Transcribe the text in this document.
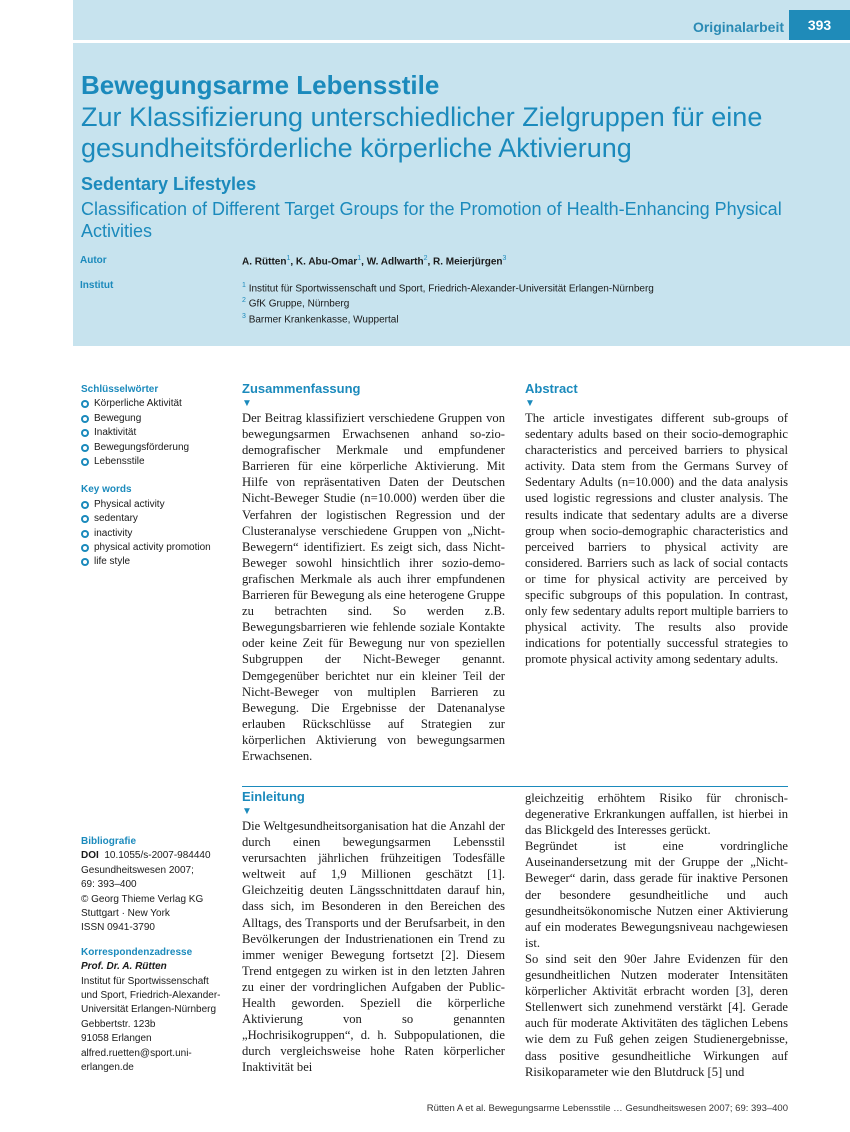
Originalarbeit	393
Bewegungsarme Lebensstile
Zur Klassifizierung unterschiedlicher Zielgruppen für eine gesundheitsförderliche körperliche Aktivierung
Sedentary Lifestyles
Classification of Different Target Groups for the Promotion of Health-Enhancing Physical Activities
Autor	A. Rütten$^1$, K. Abu-Omar$^1$, W. Adlwarth$^2$, R. Meierjürgen$^3$
Institut	$^1$ Institut für Sportwissenschaft und Sport, Friedrich-Alexander-Universität Erlangen-Nürnberg
$^2$ GfK Gruppe, Nürnberg
$^3$ Barmer Krankenkasse, Wuppertal
Schlüsselwörter
Körperliche Aktivität
Bewegung
Inaktivität
Bewegungsförderung
Lebensstile
Key words
Physical activity
sedentary
inactivity
physical activity promotion
life style
Bibliografie
DOI 10.1055/s-2007-984440
Gesundheitswesen 2007;
69: 393–400
© Georg Thieme Verlag KG
Stuttgart · New York
ISSN 0941-3790
Korrespondenzadresse
Prof. Dr. A. Rütten
Institut für Sportwissenschaft
und Sport, Friedrich-Alexander-
Universität Erlangen-Nürnberg
Gebbertstr. 123b
91058 Erlangen
alfred.ruetten@sport.uni-
erlangen.de
Zusammenfassung
▼
Der Beitrag klassifiziert verschiedene Gruppen von bewegungsarmen Erwachsenen anhand so-zio-demografischer Merkmale und empfundener Barrieren für eine körperliche Aktivierung. Mit Hilfe von repräsentativen Daten der Deutschen Nicht-Beweger Studie (n=10.000) werden über die Verfahren der logistischen Regression und der Clusteranalyse verschiedene Gruppen von „Nicht-Bewegern“ identifiziert. Es zeigt sich, dass Nicht-Beweger sowohl hinsichtlich ihrer sozio-demo-grafischen Merkmale als auch ihrer empfundenen Barrieren für Bewegung als eine heterogene Gruppe zu betrachten sind. So werden z.B. Bewegungsbarrieren wie fehlende soziale Kontakte oder keine Zeit für Bewegung nur von speziellen Subgruppen der Nicht-Beweger genannt. Demgegenüber berichtet nur ein kleiner Teil der Nicht-Beweger von multiplen Barrieren zu Bewegung. Die Ergebnisse der Datenanalyse erlauben Rückschlüsse auf Strategien zur körperlichen Aktivierung von bewegungsarmen Erwachsenen.
Abstract
▼
The article investigates different sub-groups of sedentary adults based on their socio-demographic characteristics and perceived barriers to physical activity. Data stem from the Germans Survey of Sedentary Adults (n=10.000) and the data analysis used logistic regressions and cluster analysis. The results indicate that sedentary adults are a diverse group when socio-demographic characteristics and perceived barriers to physical activity are considered. Barriers such as lack of social contacts or time for physical activity are perceived by specific subgroups of this population. In contrast, only few sedentary adults report multiple barriers to physical activity. The results also provide indications for potentially successful strategies to promote physical activity among sedentary adults.
Einleitung
▼
Die Weltgesundheitsorganisation hat die Anzahl der durch einen bewegungsarmen Lebensstil verursachten jährlichen frühzeitigen Todesfälle weltweit auf 1,9 Millionen geschätzt [1]. Gleichzeitig deuten Längsschnittdaten darauf hin, dass sich, im Besonderen in den Bereichen des Alltags, des Transports und der Berufsarbeit, in den Bevölkerungen der Industrienationen ein Trend zu immer weniger Bewegung fortsetzt [2]. Diesem Trend entgegen zu wirken ist in den letzten Jahren zu einer der vordringlichen Aufgaben der Public-Health geworden. Speziell die körperliche Aktivierung von so genannten „Hochrisikogruppen“, d. h. Subpopulationen, die durch vergleichsweise hohe Raten körperlicher Inaktivität bei
gleichzeitig erhöhtem Risiko für chronisch-degenerative Erkrankungen auffallen, ist hierbei in das Blickgeld des Interesses gerückt.
Begründet ist eine vordringliche Auseinandersetzung mit der Gruppe der „Nicht-Beweger“ darin, dass gerade für inaktive Personen der besondere gesundheitliche und auch gesundheitsökonomische Nutzen einer Aktivierung auf ein moderates Bewegungsniveau nachgewiesen ist.
So sind seit den 90er Jahre Evidenzen für den gesundheitlichen Nutzen moderater Intensitäten körperlicher Aktivität erbracht worden [3], deren Stellenwert sich zunehmend verstärkt [4]. Gerade auch für moderate Aktivitäten des täglichen Lebens wie dem zu Fuß gehen zeigen Studienergebnisse, dass positive gesundheitliche Wirkungen auf Risikoparameter wie den Blutdruck [5] und
Rütten A et al. Bewegungsarme Lebensstile … Gesundheitswesen 2007; 69: 393–400
